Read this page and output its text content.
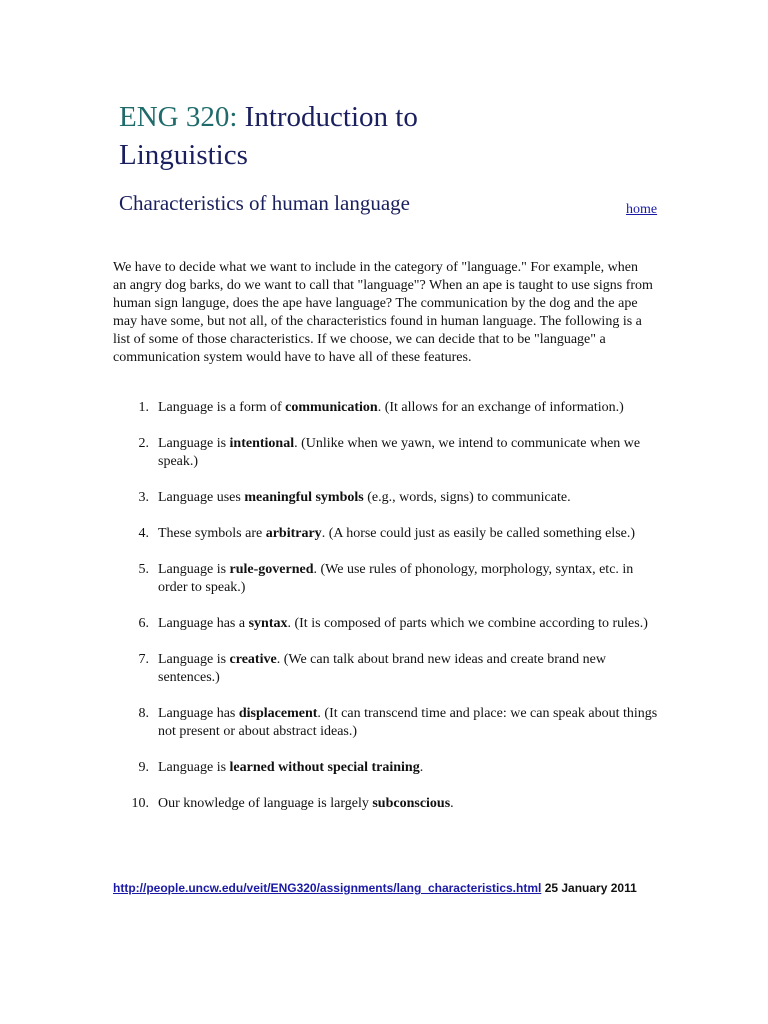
ENG 320: Introduction to
Linguistics
Characteristics of human language	home

We have to decide what we want to include in the category of "language." For example, when an angry dog barks, do we want to call that "language"? When an ape is taught to use signs from human sign languge, does the ape have language? The communication by the dog and the ape may have some, but not all, of the characteristics found in human language. The following is a list of some of those characteristics. If we choose, we can decide that to be "language" a communication system would have to have all of these features.

1. Language is a form of communication. (It allows for an exchange of information.)
2. Language is intentional. (Unlike when we yawn, we intend to communicate when we speak.)
3. Language uses meaningful symbols (e.g., words, signs) to communicate.
4. These symbols are arbitrary. (A horse could just as easily be called something else.)
5. Language is rule-governed. (We use rules of phonology, morphology, syntax, etc. in order to speak.)
6. Language has a syntax. (It is composed of parts which we combine according to rules.)
7. Language is creative. (We can talk about brand new ideas and create brand new sentences.)
8. Language has displacement. (It can transcend time and place: we can speak about things not present or about abstract ideas.)
9. Language is learned without special training.
10. Our knowledge of language is largely subconscious.
http://people.uncw.edu/veit/ENG320/assignments/lang_characteristics.html 25 January 2011
